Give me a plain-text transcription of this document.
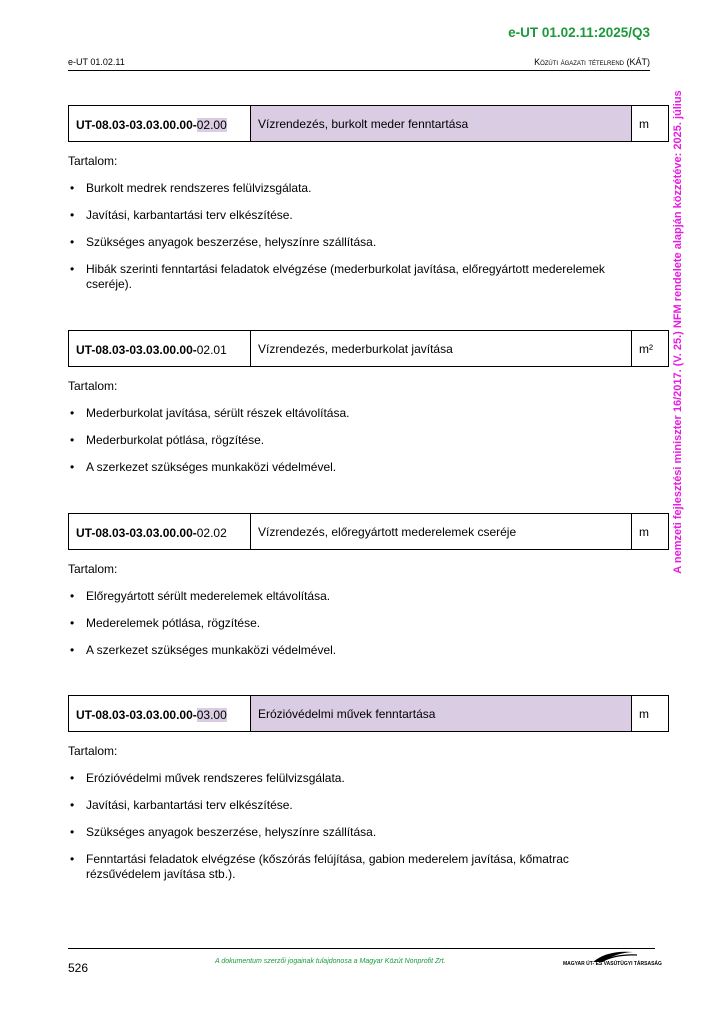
e-UT 01.02.11:2025/Q3
e-UT 01.02.11	Közúti ágazati tételrend (KÁT)
A nemzeti fejlesztési miniszter 16/2017. (V. 25.) NFM rendelete alapján közzétéve: 2025. július
UT-08.03-03.03.00.00-02.00	Vízrendezés, burkolt meder fenntartása	m
Tartalom:
• Burkolt medrek rendszeres felülvizsgálata.
• Javítási, karbantartási terv elkészítése.
• Szükséges anyagok beszerzése, helyszínre szállítása.
• Hibák szerinti fenntartási feladatok elvégzése (mederburkolat javítása, előregyártott mederelemek cseréje).
UT-08.03-03.03.00.00-02.01	Vízrendezés, mederburkolat javítása	m²
Tartalom:
• Mederburkolat javítása, sérült részek eltávolítása.
• Mederburkolat pótlása, rögzítése.
• A szerkezet szükséges munkaközi védelmével.
UT-08.03-03.03.00.00-02.02	Vízrendezés, előregyártott mederelemek cseréje	m
Tartalom:
• Előregyártott sérült mederelemek eltávolítása.
• Mederelemek pótlása, rögzítése.
• A szerkezet szükséges munkaközi védelmével.
UT-08.03-03.03.00.00-03.00	Erózióvédelmi művek fenntartása	m
Tartalom:
• Erózióvédelmi művek rendszeres felülvizsgálata.
• Javítási, karbantartási terv elkészítése.
• Szükséges anyagok beszerzése, helyszínre szállítása.
• Fenntartási feladatok elvégzése (kőszórás felújítása, gabion mederelem javítása, kőmatrac rézsűvédelem javítása stb.).
526	A dokumentum szerzői jogainak tulajdonosa a Magyar Közút Nonprofit Zrt.	MAGYAR ÚT- ÉS VASÚTÜGYI TÁRSASÁG
